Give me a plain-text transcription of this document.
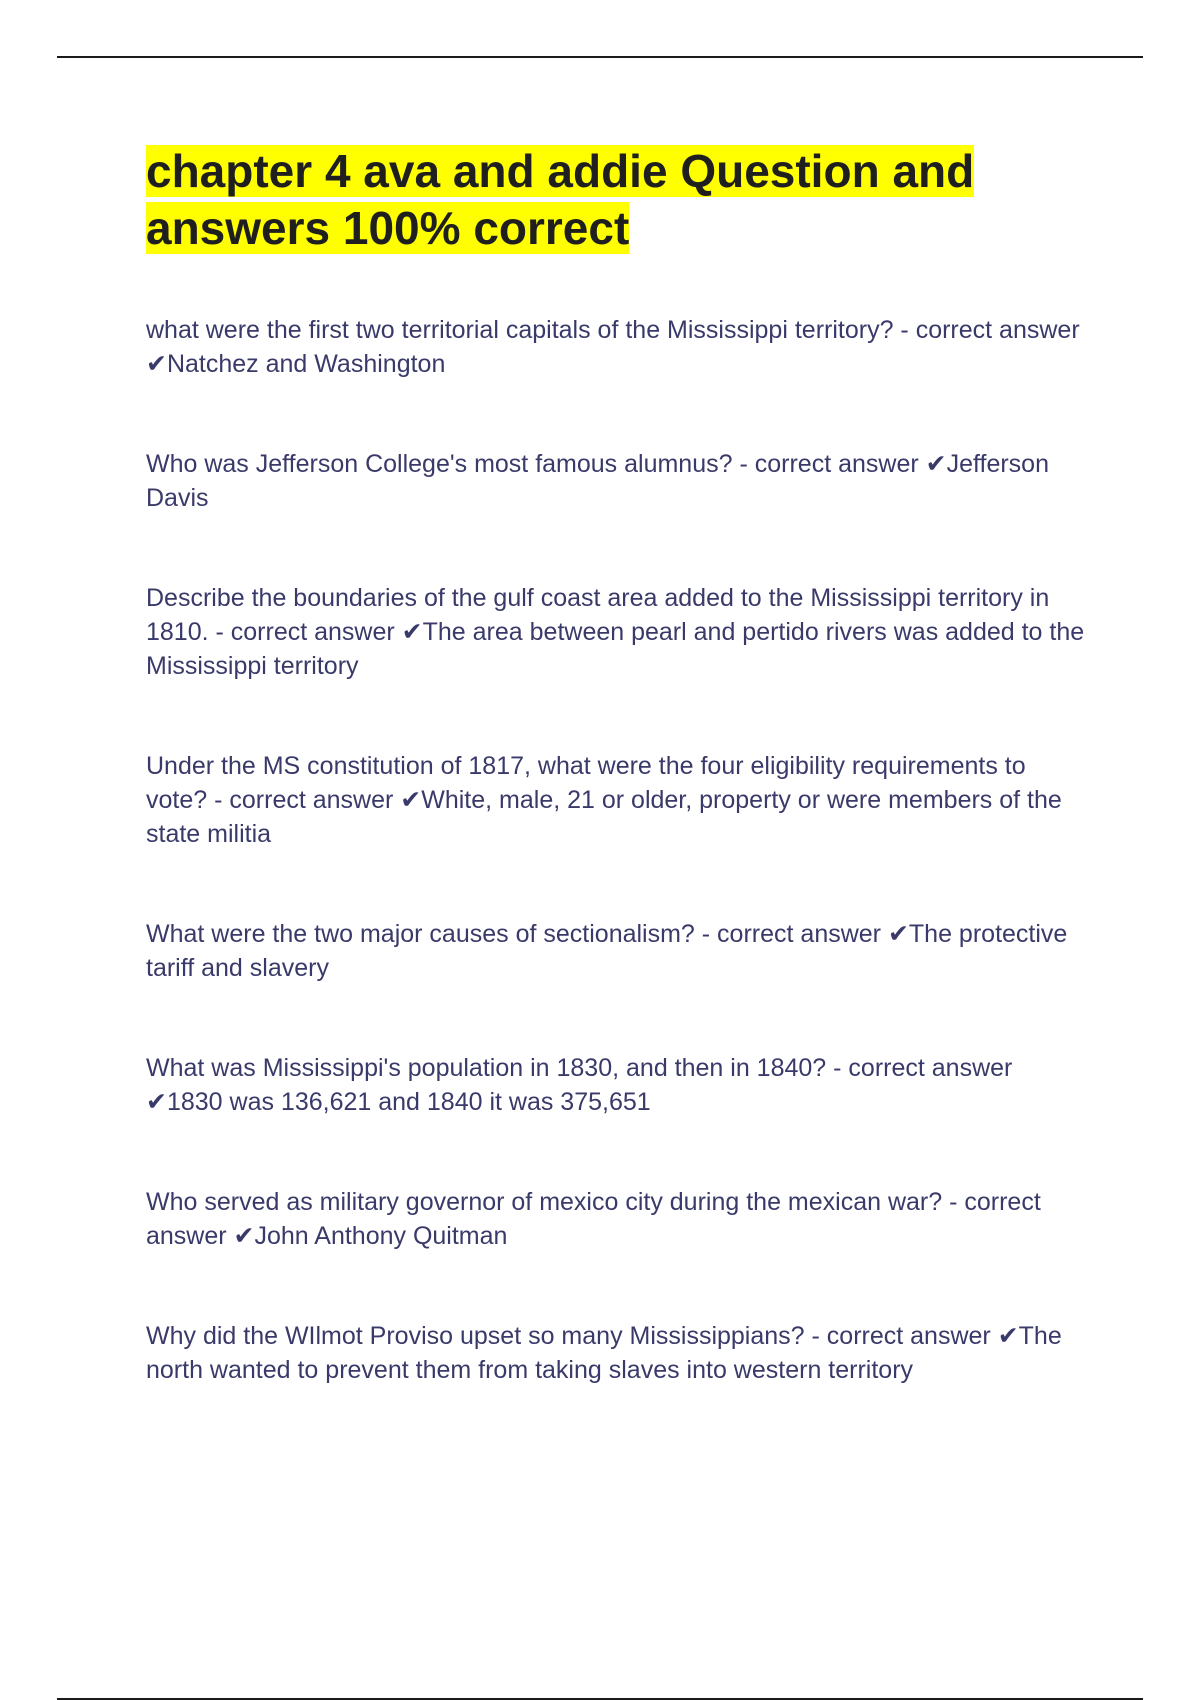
chapter 4 ava and addie Question and answers 100% correct

what were the first two territorial capitals of the Mississippi territory? - correct answer ✔Natchez and Washington

Who was Jefferson College's most famous alumnus? - correct answer ✔Jefferson Davis

Describe the boundaries of the gulf coast area added to the Mississippi territory in 1810. - correct answer ✔The area between pearl and pertido rivers was added to the Mississippi territory

Under the MS constitution of 1817, what were the four eligibility requirements to vote? - correct answer ✔White, male, 21 or older, property or were members of the state militia

What were the two major causes of sectionalism? - correct answer ✔The protective tariff and slavery

What was Mississippi's population in 1830, and then in 1840? - correct answer ✔1830 was 136,621 and 1840 it was 375,651

Who served as military governor of mexico city during the mexican war? - correct answer ✔John Anthony Quitman

Why did the WIlmot Proviso upset so many Mississippians? - correct answer ✔The north wanted to prevent them from taking slaves into western territory
